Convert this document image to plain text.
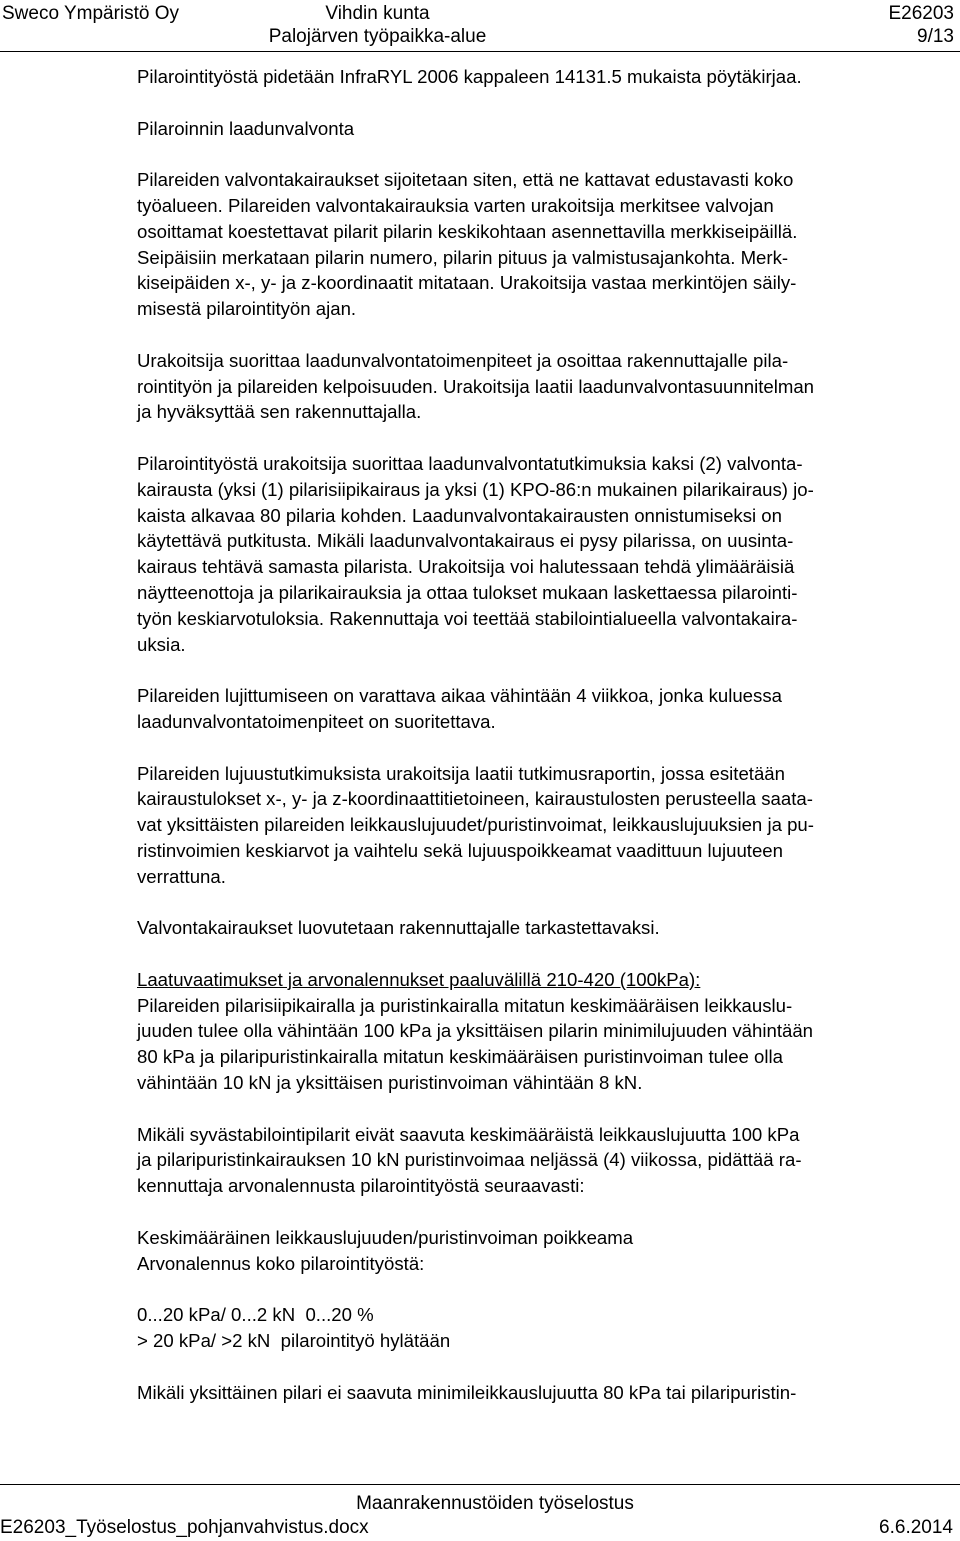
Sweco Ympäristö Oy	Vihdin kunta	E26203
Palojärven työpaikka-alue	9/13

Pilarointityöstä pidetään InfraRYL 2006 kappaleen 14131.5 mukaista pöytäkirjaa.

Pilaroinnin laadunvalvonta

Pilareiden valvontakairaukset sijoitetaan siten, että ne kattavat edustavasti koko
työalueen. Pilareiden valvontakairauksia varten urakoitsija merkitsee valvojan
osoittamat koestettavat pilarit pilarin keskikohtaan asennettavilla merkkiseipäillä.
Seipäisiin merkataan pilarin numero, pilarin pituus ja valmistusajankohta. Merk-
kiseipäiden x-, y- ja z-koordinaatit mitataan. Urakoitsija vastaa merkintöjen säily-
misestä pilarointityön ajan.

Urakoitsija suorittaa laadunvalvontatoimenpiteet ja osoittaa rakennuttajalle pila-
rointityön ja pilareiden kelpoisuuden. Urakoitsija laatii laadunvalvontasuunnitelman
ja hyväksyttää sen rakennuttajalla.

Pilarointityöstä urakoitsija suorittaa laadunvalvontatutkimuksia kaksi (2) valvonta-
kairausta (yksi (1) pilarisiipikairaus ja yksi (1) KPO-86:n mukainen pilarikairaus) jo-
kaista alkavaa 80 pilaria kohden. Laadunvalvontakairausten onnistumiseksi on
käytettävä putkitusta. Mikäli laadunvalvontakairaus ei pysy pilarissa, on uusinta-
kairaus tehtävä samasta pilarista. Urakoitsija voi halutessaan tehdä ylimääräisiä
näytteenottoja ja pilarikairauksia ja ottaa tulokset mukaan laskettaessa pilarointi-
työn keskiarvotuloksia. Rakennuttaja voi teettää stabilointialueella valvontakaira-
uksia.

Pilareiden lujittumiseen on varattava aikaa vähintään 4 viikkoa, jonka kuluessa
laadunvalvontatoimenpiteet on suoritettava.

Pilareiden lujuustutkimuksista urakoitsija laatii tutkimusraportin, jossa esitetään
kairaustulokset x-, y- ja z-koordinaattitietoineen, kairaustulosten perusteella saata-
vat yksittäisten pilareiden leikkauslujuudet/puristinvoimat, leikkauslujuuksien ja pu-
ristinvoimien keskiarvot ja vaihtelu sekä lujuuspoikkeamat vaadittuun lujuuteen
verrattuna.

Valvontakairaukset luovutetaan rakennuttajalle tarkastettavaksi.

Laatuvaatimukset ja arvonalennukset paaluvälillä 210-420 (100kPa):
Pilareiden pilarisiipikairalla ja puristinkairalla mitatun keskimääräisen leikkauslu-
juuden tulee olla vähintään 100 kPa ja yksittäisen pilarin minimilujuuden vähintään
80 kPa ja pilaripuristinkairalla mitatun keskimääräisen puristinvoiman tulee olla
vähintään 10 kN ja yksittäisen puristinvoiman vähintään 8 kN.

Mikäli syvästabilointipilarit eivät saavuta keskimääräistä leikkauslujuutta 100 kPa
ja pilaripuristinkairauksen 10 kN puristinvoimaa neljässä (4) viikossa, pidättää ra-
kennuttaja arvonalennusta pilarointityöstä seuraavasti:

Keskimääräinen leikkauslujuuden/puristinvoiman poikkeama
Arvonalennus koko pilarointityöstä:

0...20 kPa/ 0...2 kN  0...20 %
> 20 kPa/ >2 kN  pilarointityö hylätään

Mikäli yksittäinen pilari ei saavuta minimileikkauslujuutta 80 kPa tai pilaripuristin-

Maanrakennustöiden työselostus
E26203_Työselostus_pohjanvahvistus.docx	6.6.2014
